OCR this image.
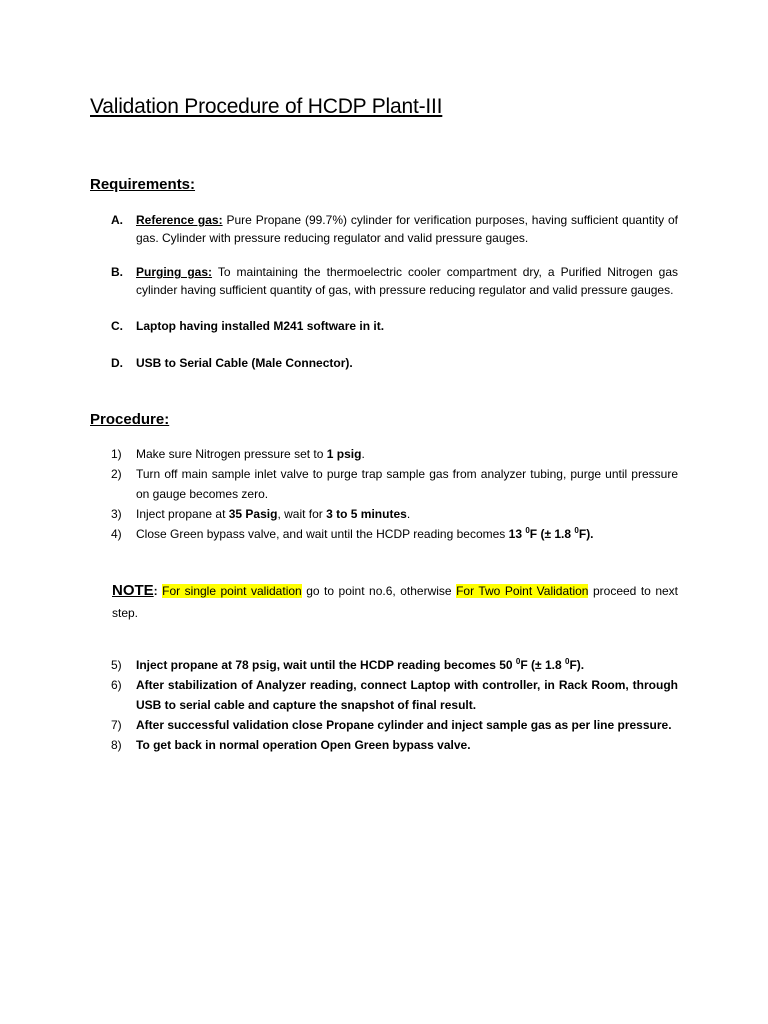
Validation Procedure of HCDP Plant-III
Requirements:
A. Reference gas: Pure Propane (99.7%) cylinder for verification purposes, having sufficient quantity of gas. Cylinder with pressure reducing regulator and valid pressure gauges.
B. Purging gas: To maintaining the thermoelectric cooler compartment dry, a Purified Nitrogen gas cylinder having sufficient quantity of gas, with pressure reducing regulator and valid pressure gauges.
C. Laptop having installed M241 software in it.
D. USB to Serial Cable (Male Connector).
Procedure:
1) Make sure Nitrogen pressure set to 1 psig.
2) Turn off main sample inlet valve to purge trap sample gas from analyzer tubing, purge until pressure on gauge becomes zero.
3) Inject propane at 35 Pasig, wait for 3 to 5 minutes.
4) Close Green bypass valve, and wait until the HCDP reading becomes 13 $^0$F (± 1.8 $^0$F).

NOTE: For single point validation go to point no.6, otherwise For Two Point Validation proceed to next step.

5) Inject propane at 78 psig, wait until the HCDP reading becomes 50 $^0$F (± 1.8 $^0$F).
6) After stabilization of Analyzer reading, connect Laptop with controller, in Rack Room, through USB to serial cable and capture the snapshot of final result.
7) After successful validation close Propane cylinder and inject sample gas as per line pressure.
8) To get back in normal operation Open Green bypass valve.
